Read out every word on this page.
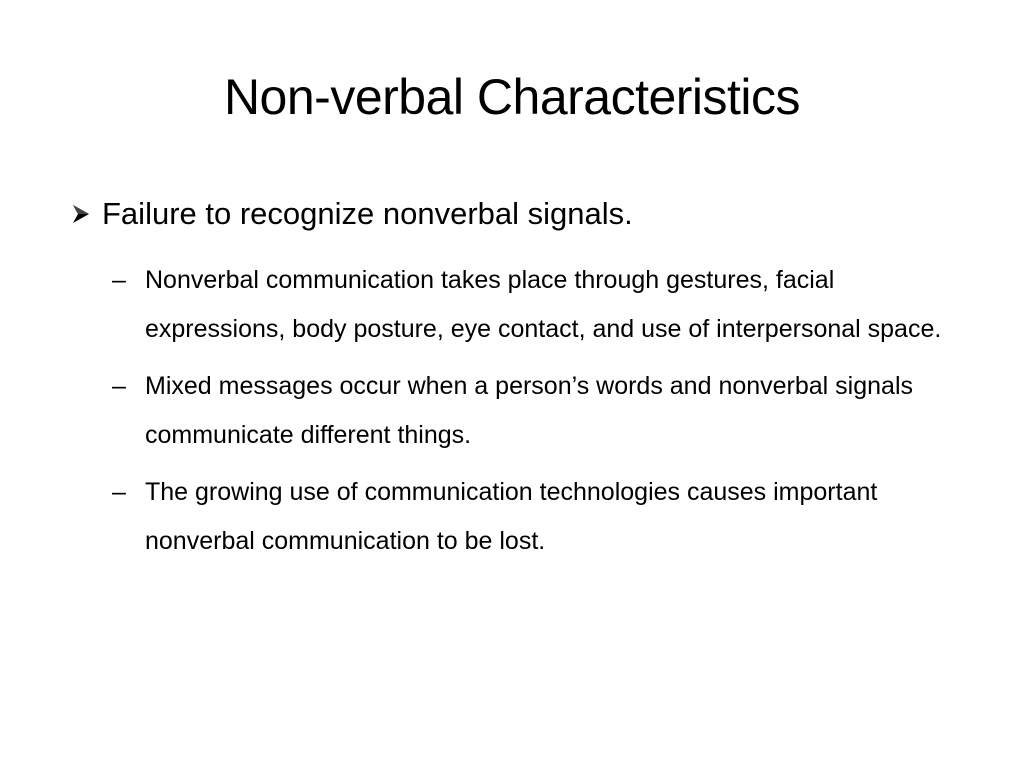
Non-verbal Characteristics
Failure to recognize nonverbal signals.
– Nonverbal communication takes place through gestures, facial expressions, body posture, eye contact, and use of interpersonal space.
– Mixed messages occur when a person’s words and nonverbal signals communicate different things.
– The growing use of communication technologies causes important nonverbal communication to be lost.
